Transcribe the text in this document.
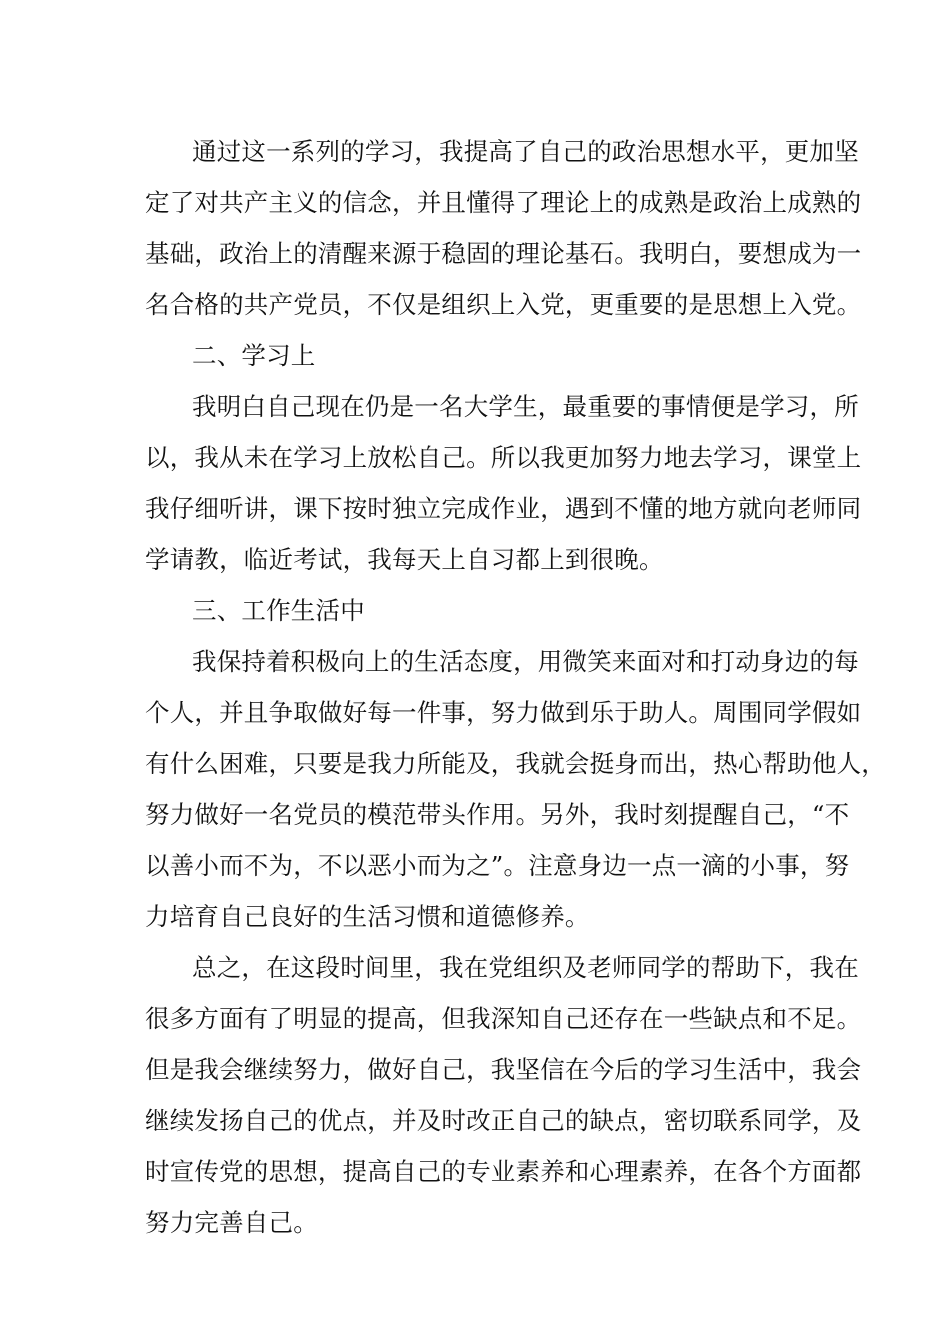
通过这一系列的学习，我提高了自己的政治思想水平，更加坚
定了对共产主义的信念，并且懂得了理论上的成熟是政治上成熟的
基础，政治上的清醒来源于稳固的理论基石。我明白，要想成为一
名合格的共产党员，不仅是组织上入党，更重要的是思想上入党。
二、学习上
我明白自己现在仍是一名大学生，最重要的事情便是学习，所
以，我从未在学习上放松自己。所以我更加努力地去学习，课堂上
我仔细听讲，课下按时独立完成作业，遇到不懂的地方就向老师同
学请教，临近考试，我每天上自习都上到很晚。
三、工作生活中
我保持着积极向上的生活态度，用微笑来面对和打动身边的每
个人，并且争取做好每一件事，努力做到乐于助人。周围同学假如
有什么困难，只要是我力所能及，我就会挺身而出，热心帮助他人，
努力做好一名党员的模范带头作用。另外，我时刻提醒自己，“不
以善小而不为，不以恶小而为之”。注意身边一点一滴的小事，努
力培育自己良好的生活习惯和道德修养。
总之，在这段时间里，我在党组织及老师同学的帮助下，我在
很多方面有了明显的提高，但我深知自己还存在一些缺点和不足。
但是我会继续努力，做好自己，我坚信在今后的学习生活中，我会
继续发扬自己的优点，并及时改正自己的缺点，密切联系同学，及
时宣传党的思想，提高自己的专业素养和心理素养，在各个方面都
努力完善自己。
